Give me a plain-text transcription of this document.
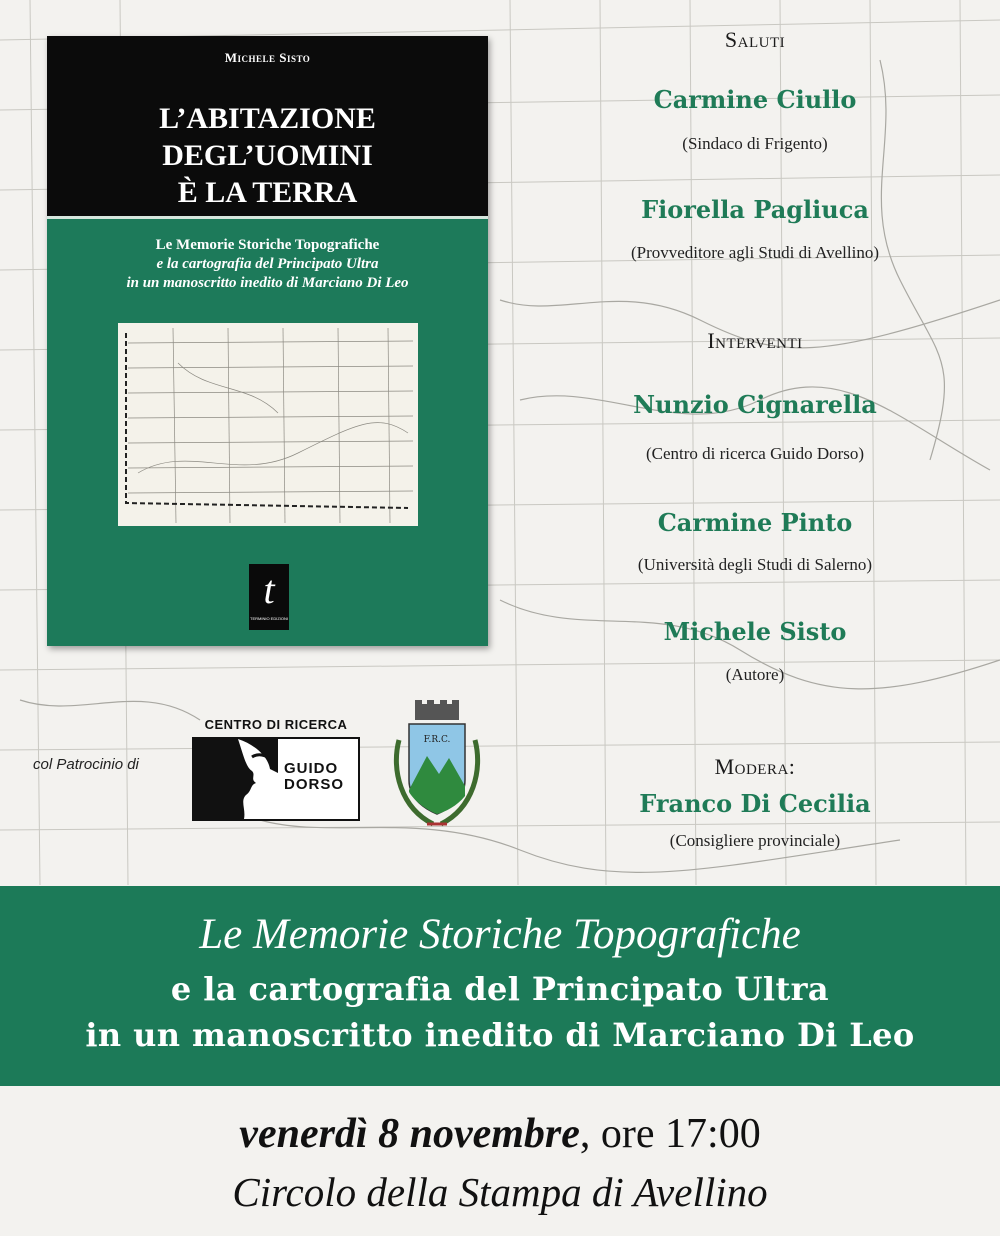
Michele Sisto
L’ABITAZIONE
DEGL’UOMINI
È LA TERRA
Le Memorie Storiche Topografiche
e la cartografia del Principato Ultra
in un manoscritto inedito di Marciano Di Leo
t
TERMINIO EDIZIONI
Saluti
Carmine Ciullo
(Sindaco di Frigento)
Fiorella Pagliuca
(Provveditore agli Studi di Avellino)
Interventi
Nunzio Cignarella
(Centro di ricerca Guido Dorso)
Carmine Pinto
(Università degli Studi di Salerno)
Michele Sisto
(Autore)
Modera:
Franco Di Cecilia
(Consigliere provinciale)
col Patrocinio di
CENTRO DI RICERCA
GUIDO
DORSO
F.R.C.
Le Memorie Storiche Topografiche
e la cartografia del Principato Ultra
in un manoscritto inedito di Marciano Di Leo
venerdì 8 novembre, ore 17:00
Circolo della Stampa di Avellino
